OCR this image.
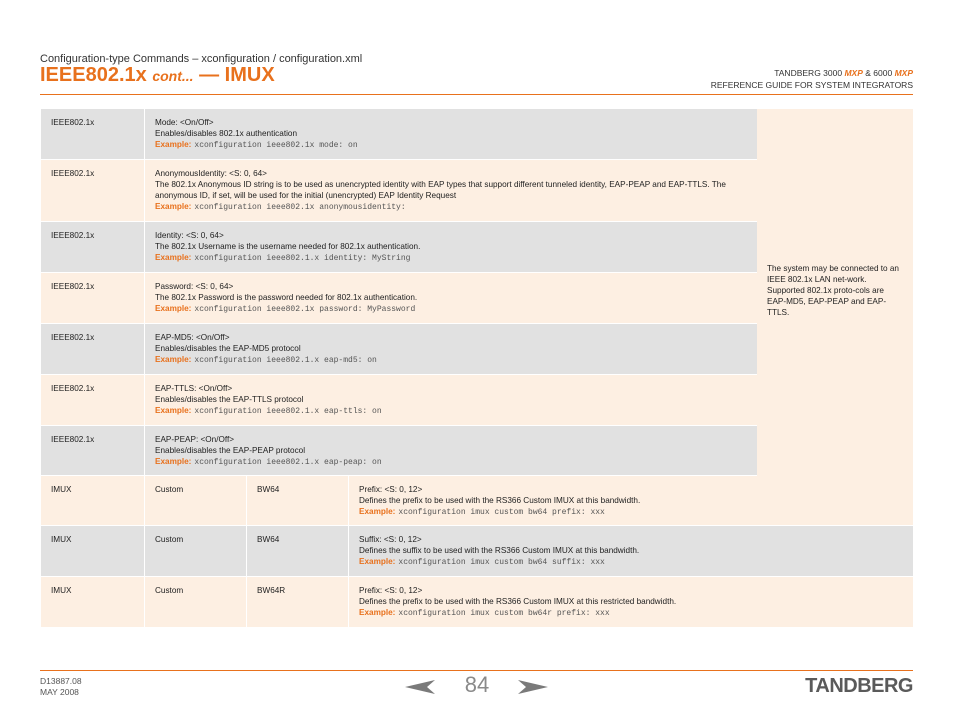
Configuration-type Commands – xconfiguration / configuration.xml
IEEE802.1x cont... — IMUX	TANDBERG 3000 MXP & 6000 MXP
REFERENCE GUIDE FOR SYSTEM INTEGRATORS
IEEE802.1x	Mode: <On/Off>
Enables/disables 802.1x authentication
Example: xconfiguration ieee802.1x mode: on
IEEE802.1x	AnonymousIdentity: <S: 0, 64>
The 802.1x Anonymous ID string is to be used as unencrypted identity with EAP types that support different tunneled identity, EAP-PEAP and EAP-TTLS. The anonymous ID, if set, will be used for the initial (unencrypted) EAP Identity Request
Example: xconfiguration ieee802.1x anonymousidentity:
IEEE802.1x	Identity: <S: 0, 64>
The 802.1x Username is the username needed for 802.1x authentication.
Example: xconfiguration ieee802.1.x identity: MyString
IEEE802.1x	Password: <S: 0, 64>
The 802.1x Password is the password needed for 802.1x authentication.
Example: xconfiguration ieee802.1x password: MyPassword
IEEE802.1x	EAP-MD5: <On/Off>
Enables/disables the EAP-MD5 protocol
Example: xconfiguration ieee802.1.x eap-md5: on
IEEE802.1x	EAP-TTLS: <On/Off>
Enables/disables the EAP-TTLS protocol
Example: xconfiguration ieee802.1.x eap-ttls: on
IEEE802.1x	EAP-PEAP: <On/Off>
Enables/disables the EAP-PEAP protocol
Example: xconfiguration ieee802.1.x eap-peap: on
IMUX	Custom	BW64	Prefix: <S: 0, 12>
Defines the prefix to be used with the RS366 Custom IMUX at this bandwidth.
Example: xconfiguration imux custom bw64 prefix: xxx
IMUX	Custom	BW64	Suffix: <S: 0, 12>
Defines the suffix to be used with the RS366 Custom IMUX at this bandwidth.
Example: xconfiguration imux custom bw64 suffix: xxx
IMUX	Custom	BW64R	Prefix: <S: 0, 12>
Defines the prefix to be used with the RS366 Custom IMUX at this restricted bandwidth.
Example: xconfiguration imux custom bw64r prefix: xxx
The system may be connected to an IEEE 802.1x LAN net-work. Supported 802.1x proto-cols are EAP-MD5, EAP-PEAP and EAP-TTLS.
D13887.08
MAY 2008	84	TANDBERG
